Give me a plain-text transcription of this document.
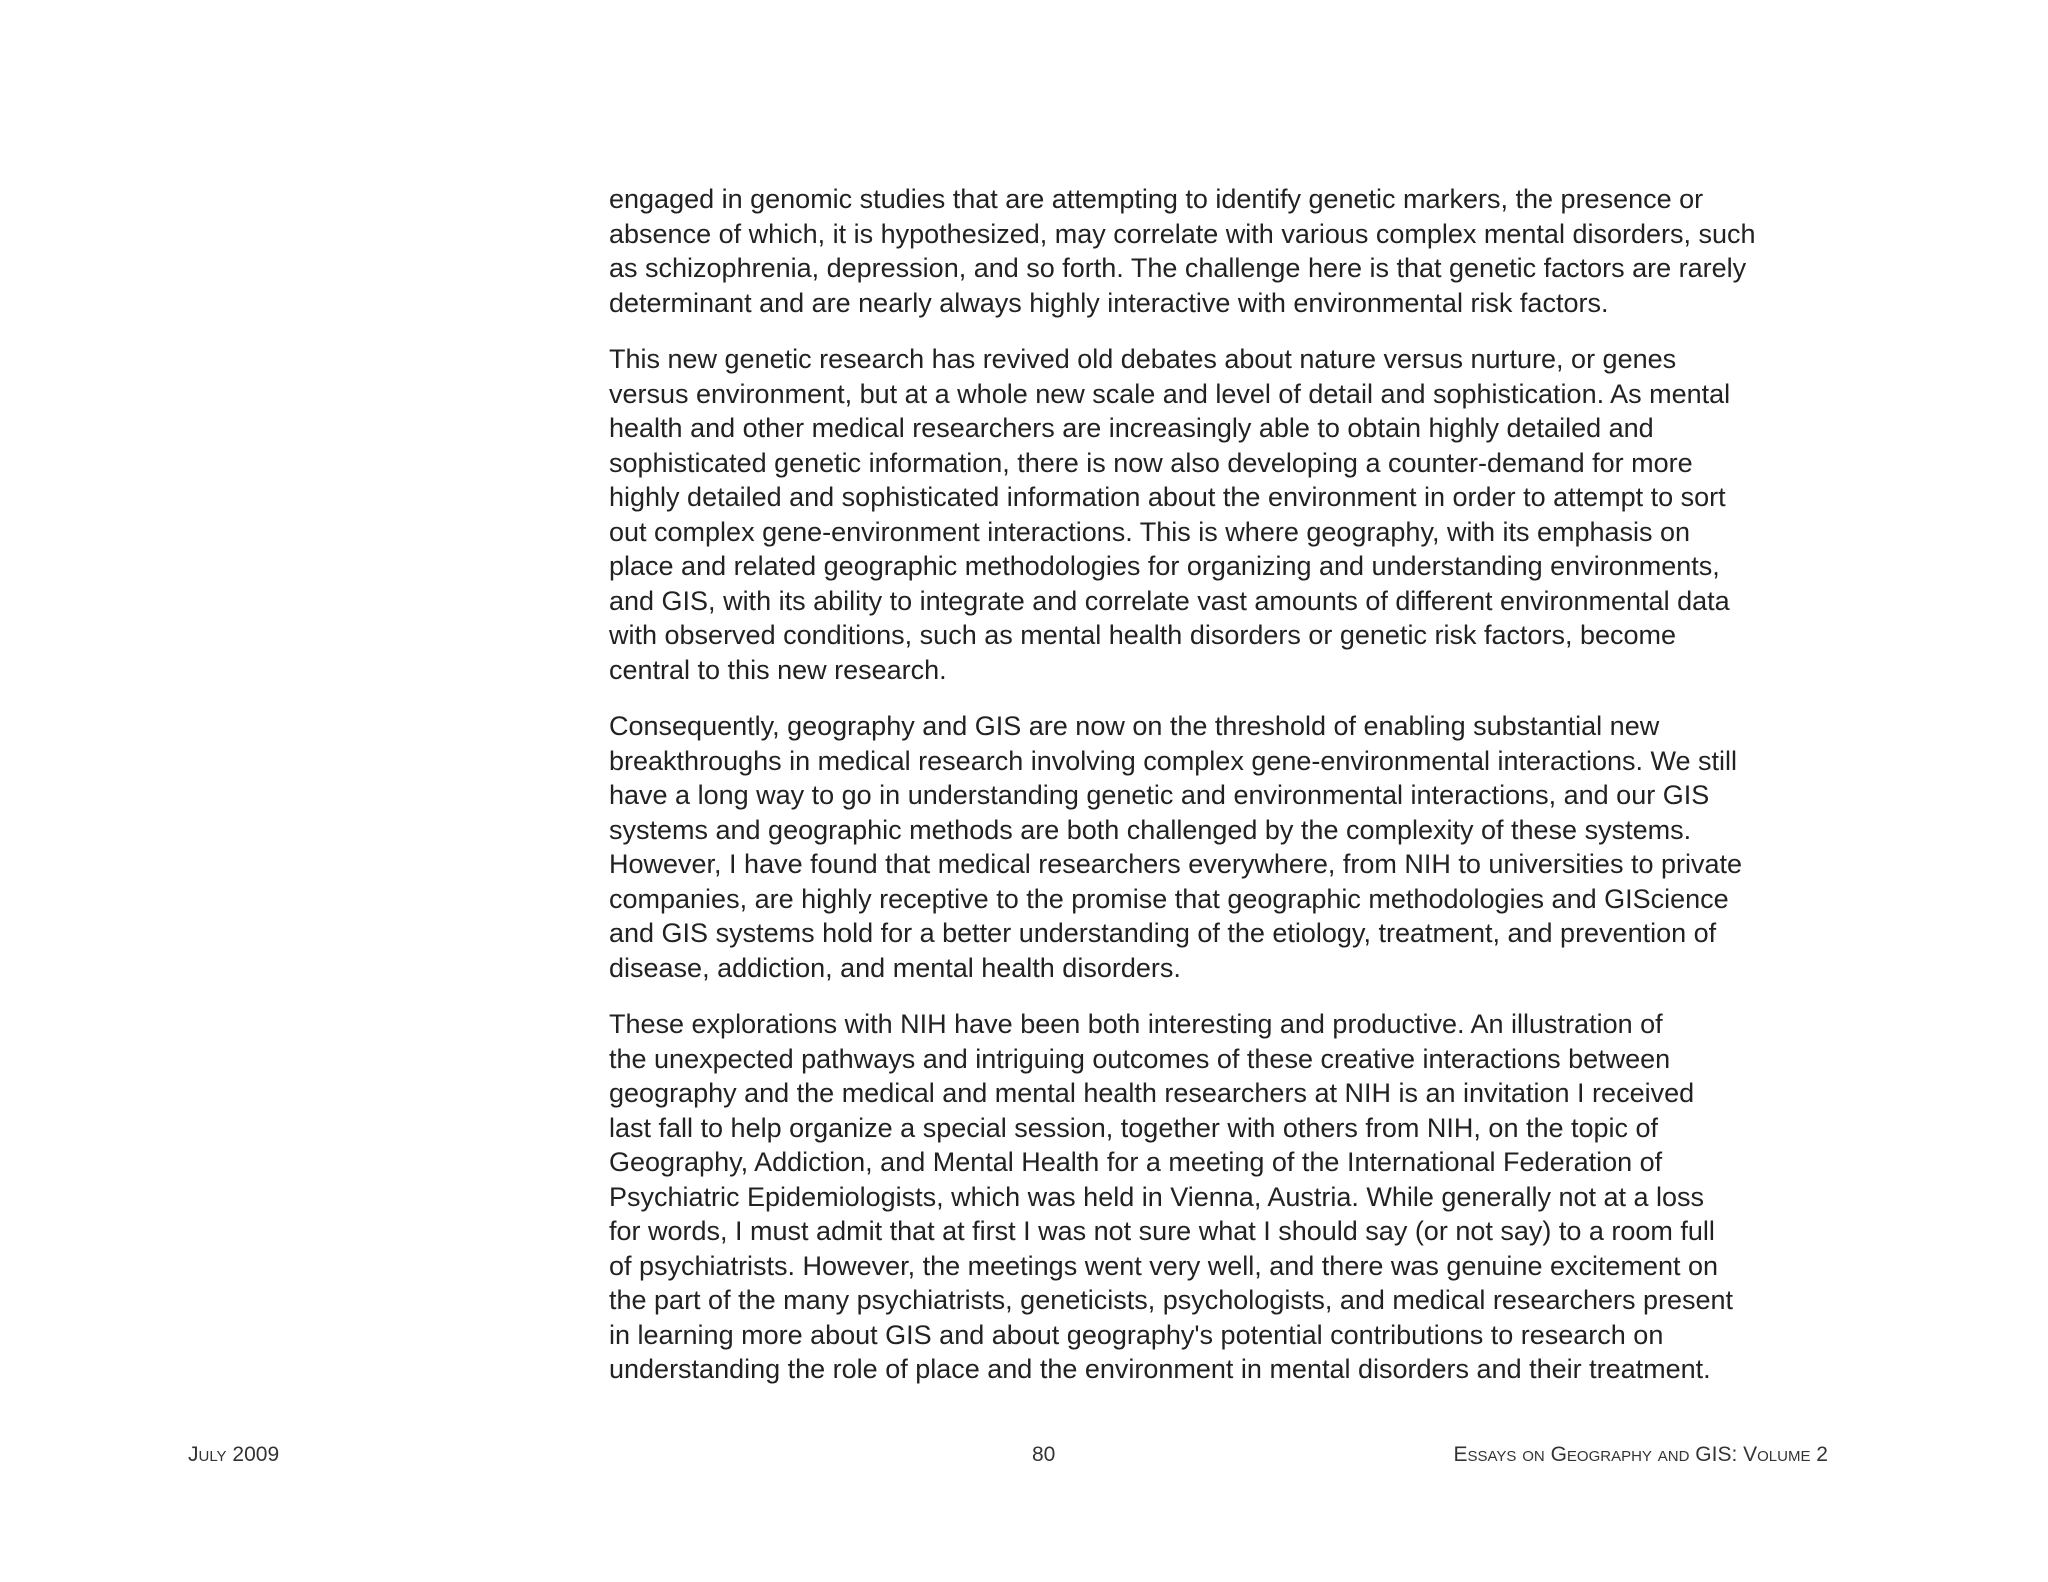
engaged in genomic studies that are attempting to identify genetic markers, the presence or
absence of which, it is hypothesized, may correlate with various complex mental disorders, such
as schizophrenia, depression, and so forth. The challenge here is that genetic factors are rarely
determinant and are nearly always highly interactive with environmental risk factors.

This new genetic research has revived old debates about nature versus nurture, or genes
versus environment, but at a whole new scale and level of detail and sophistication. As mental
health and other medical researchers are increasingly able to obtain highly detailed and
sophisticated genetic information, there is now also developing a counter-demand for more
highly detailed and sophisticated information about the environment in order to attempt to sort
out complex gene-environment interactions. This is where geography, with its emphasis on
place and related geographic methodologies for organizing and understanding environments,
and GIS, with its ability to integrate and correlate vast amounts of different environmental data
with observed conditions, such as mental health disorders or genetic risk factors, become
central to this new research.

Consequently, geography and GIS are now on the threshold of enabling substantial new
breakthroughs in medical research involving complex gene-environmental interactions. We still
have a long way to go in understanding genetic and environmental interactions, and our GIS
systems and geographic methods are both challenged by the complexity of these systems.
However, I have found that medical researchers everywhere, from NIH to universities to private
companies, are highly receptive to the promise that geographic methodologies and GIScience
and GIS systems hold for a better understanding of the etiology, treatment, and prevention of
disease, addiction, and mental health disorders.

These explorations with NIH have been both interesting and productive. An illustration of
the unexpected pathways and intriguing outcomes of these creative interactions between
geography and the medical and mental health researchers at NIH is an invitation I received
last fall to help organize a special session, together with others from NIH, on the topic of
Geography, Addiction, and Mental Health for a meeting of the International Federation of
Psychiatric Epidemiologists, which was held in Vienna, Austria. While generally not at a loss
for words, I must admit that at first I was not sure what I should say (or not say) to a room full
of psychiatrists. However, the meetings went very well, and there was genuine excitement on
the part of the many psychiatrists, geneticists, psychologists, and medical researchers present
in learning more about GIS and about geography's potential contributions to research on
understanding the role of place and the environment in mental disorders and their treatment.

July 2009	80	Essays on Geography and GIS: Volume 2
